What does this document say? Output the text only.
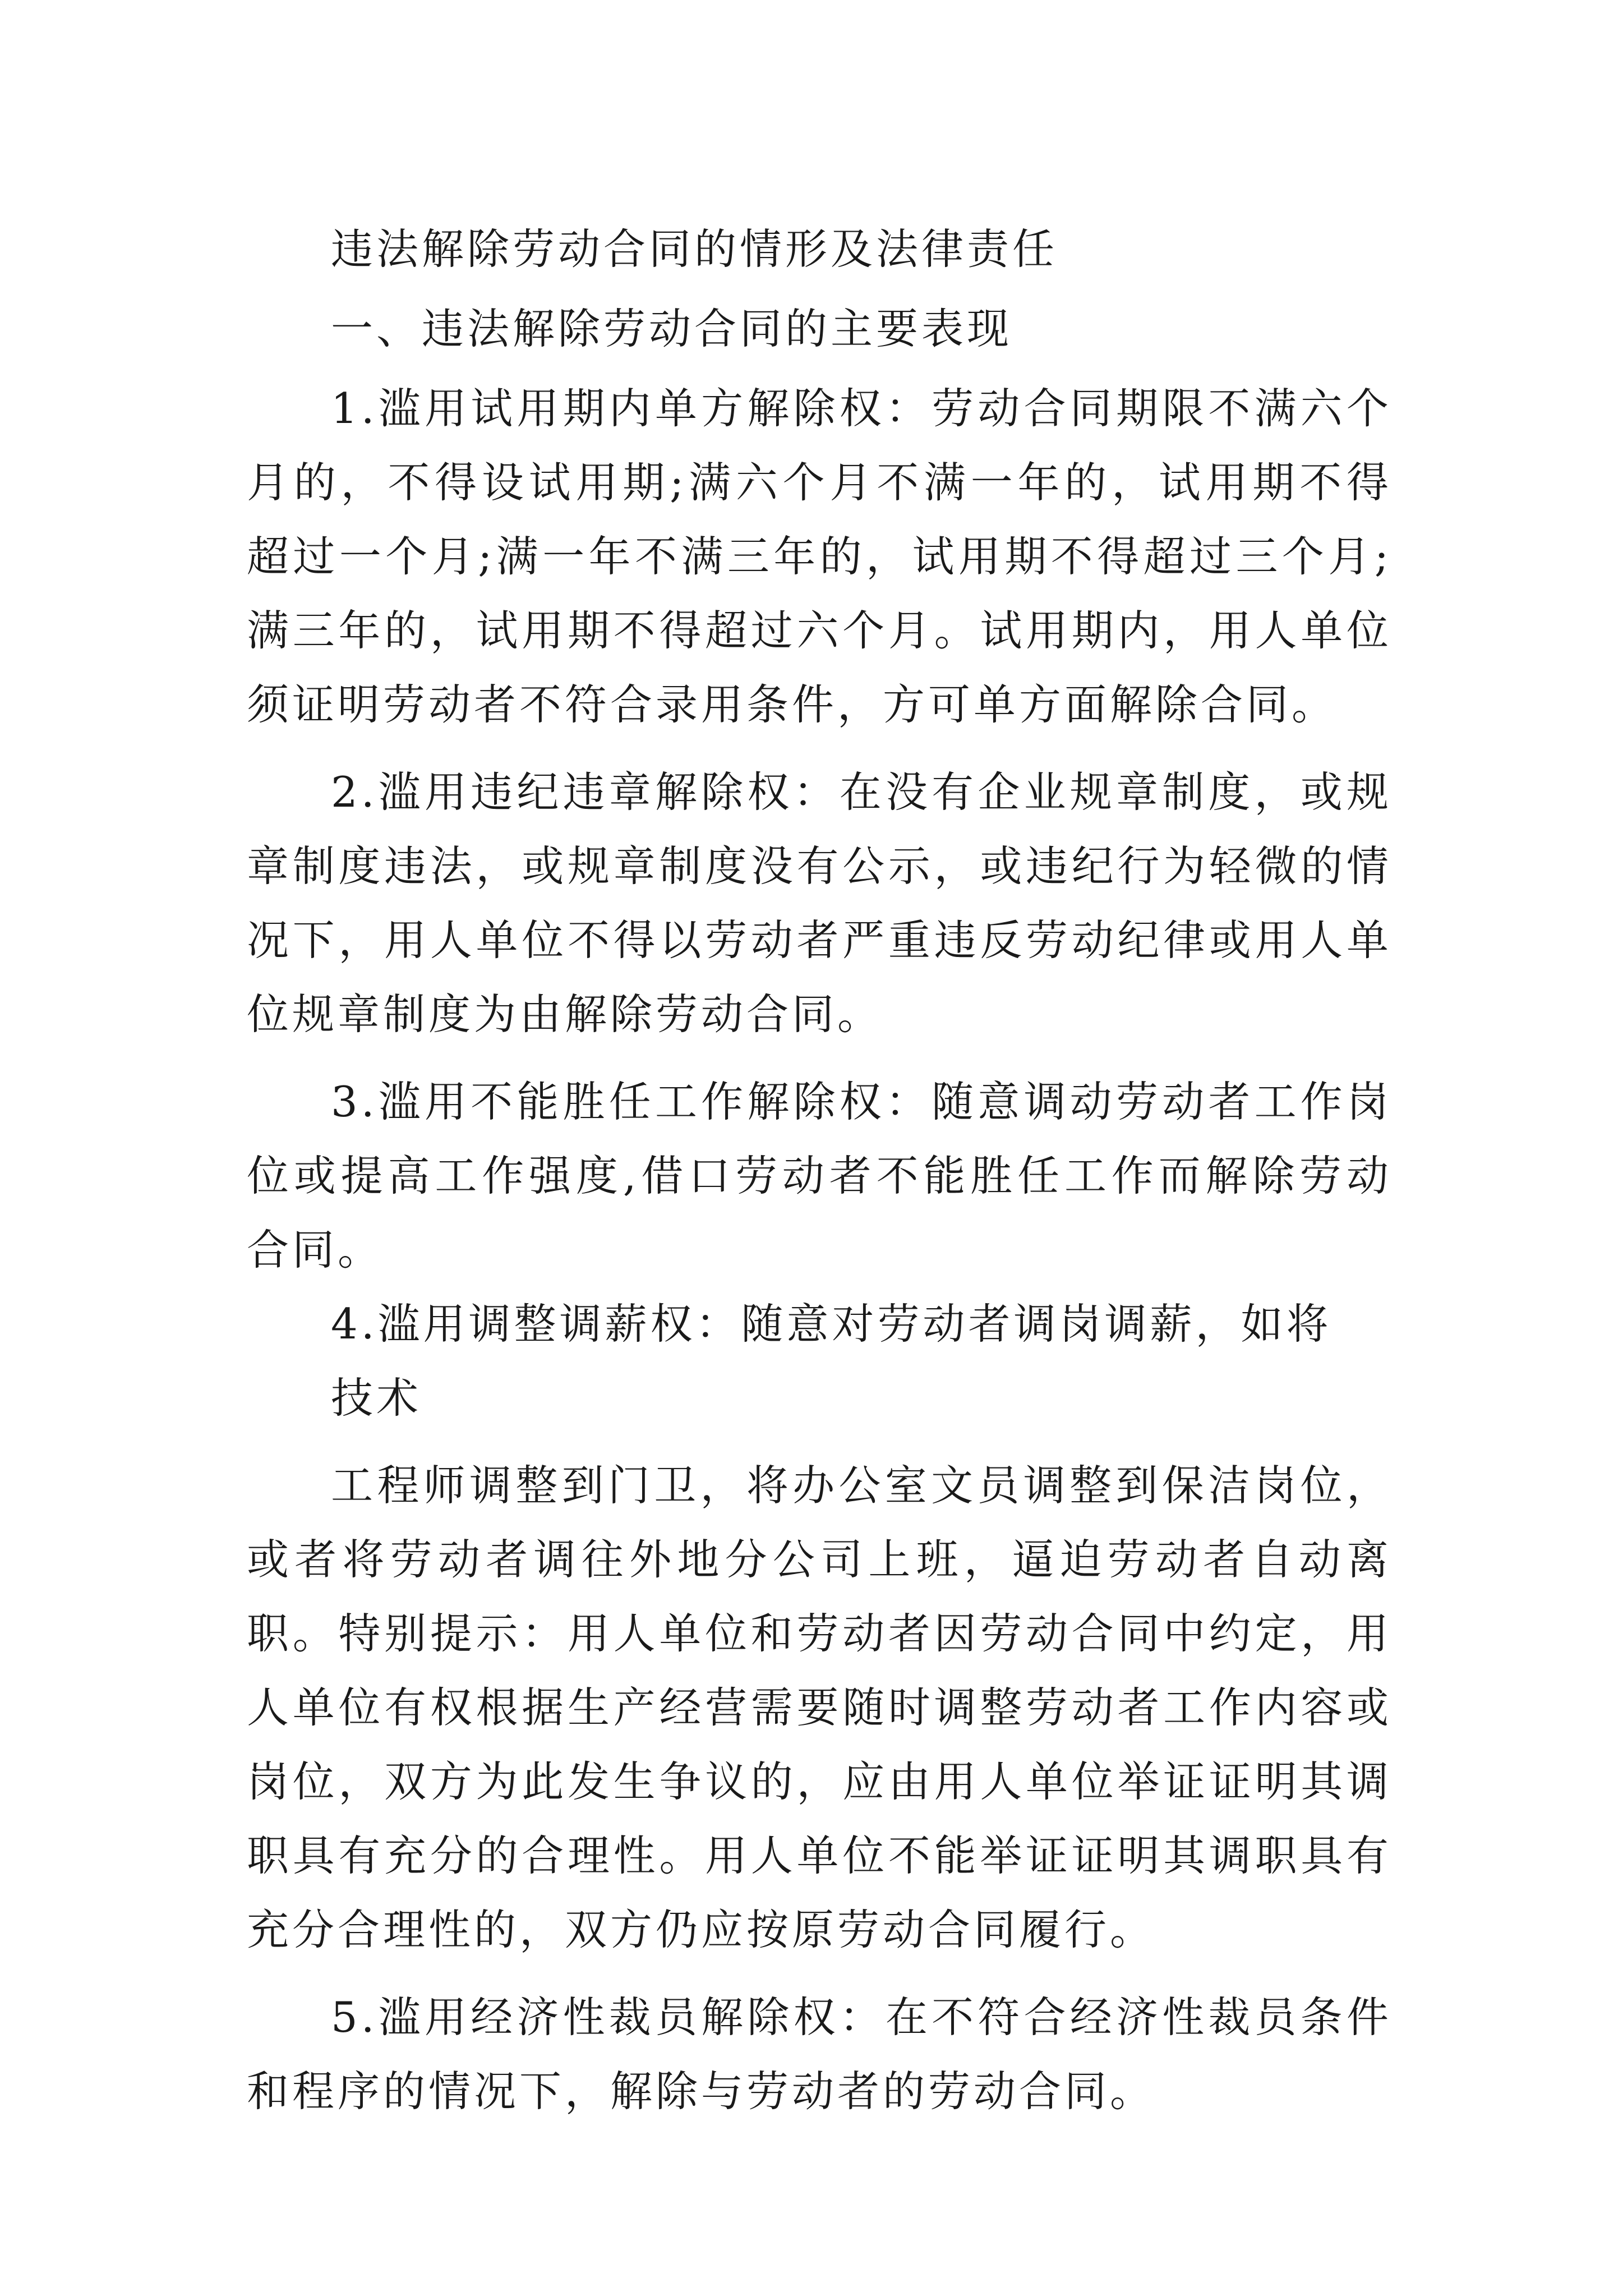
违法解除劳动合同的情形及法律责任

一、违法解除劳动合同的主要表现

1.滥用试用期内单方解除权：劳动合同期限不满六个月的，不得设试用期;满六个月不满一年的，试用期不得超过一个月;满一年不满三年的，试用期不得超过三个月;满三年的，试用期不得超过六个月。试用期内，用人单位须证明劳动者不符合录用条件，方可单方面解除合同。

2.滥用违纪违章解除权：在没有企业规章制度，或规章制度违法，或规章制度没有公示，或违纪行为轻微的情况下，用人单位不得以劳动者严重违反劳动纪律或用人单位规章制度为由解除劳动合同。

3.滥用不能胜任工作解除权：随意调动劳动者工作岗位或提高工作强度,借口劳动者不能胜任工作而解除劳动合同。

4.滥用调整调薪权：随意对劳动者调岗调薪，如将

技术

工程师调整到门卫，将办公室文员调整到保洁岗位，或者将劳动者调往外地分公司上班，逼迫劳动者自动离职。特别提示：用人单位和劳动者因劳动合同中约定，用人单位有权根据生产经营需要随时调整劳动者工作内容或岗位，双方为此发生争议的，应由用人单位举证证明其调职具有充分的合理性。用人单位不能举证证明其调职具有充分合理性的，双方仍应按原劳动合同履行。

5.滥用经济性裁员解除权：在不符合经济性裁员条件和程序的情况下，解除与劳动者的劳动合同。
